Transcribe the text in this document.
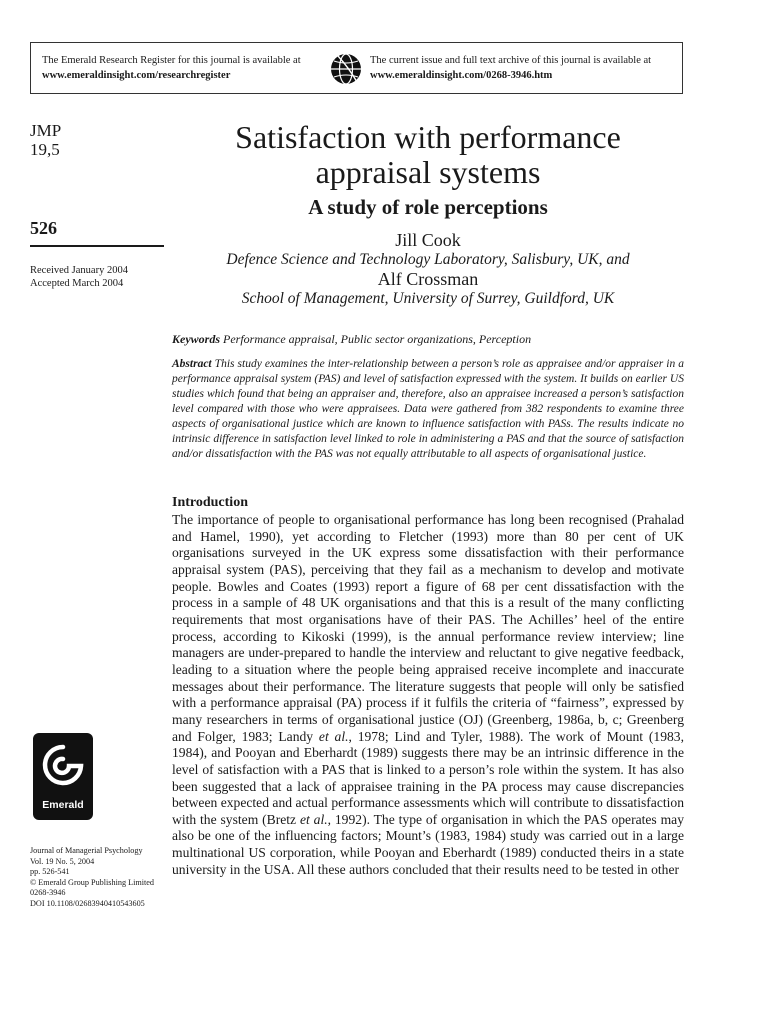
The Emerald Research Register for this journal is available at
www.emeraldinsight.com/researchregister
The current issue and full text archive of this journal is available at
www.emeraldinsight.com/0268-3946.htm
JMP
19,5
526
Received January 2004
Accepted March 2004
Satisfaction with performance
appraisal systems
A study of role perceptions
Jill Cook
Defence Science and Technology Laboratory, Salisbury, UK, and
Alf Crossman
School of Management, University of Surrey, Guildford, UK
Keywords Performance appraisal, Public sector organizations, Perception
Abstract This study examines the inter-relationship between a person’s role as appraisee and/or appraiser in a performance appraisal system (PAS) and level of satisfaction expressed with the system. It builds on earlier US studies which found that being an appraiser and, therefore, also an appraisee increased a person’s satisfaction level compared with those who were appraisees. Data were gathered from 382 respondents to examine three aspects of organisational justice which are known to influence satisfaction with PASs. The results indicate no intrinsic difference in satisfaction level linked to role in administering a PAS and that the source of satisfaction and/or dissatisfaction with the PAS was not equally attributable to all aspects of organisational justice.
Introduction
The importance of people to organisational performance has long been recognised (Prahalad and Hamel, 1990), yet according to Fletcher (1993) more than 80 per cent of UK organisations surveyed in the UK express some dissatisfaction with their performance appraisal system (PAS), perceiving that they fail as a mechanism to develop and motivate people. Bowles and Coates (1993) report a figure of 68 per cent dissatisfaction with the process in a sample of 48 UK organisations and that this is a result of the many conflicting requirements that most organisations have of their PAS. The Achilles’ heel of the entire process, according to Kikoski (1999), is the annual performance review interview; line managers are under-prepared to handle the interview and reluctant to give negative feedback, leading to a situation where the people being appraised receive incomplete and inaccurate messages about their performance. The literature suggests that people will only be satisfied with a performance appraisal (PA) process if it fulfils the criteria of “fairness”, expressed by many researchers in terms of organisational justice (OJ) (Greenberg, 1986a, b, c; Greenberg and Folger, 1983; Landy et al., 1978; Lind and Tyler, 1988). The work of Mount (1983, 1984), and Pooyan and Eberhardt (1989) suggests there may be an intrinsic difference in the level of satisfaction with a PAS that is linked to a person’s role within the system. It has also been suggested that a lack of appraisee training in the PA process may cause discrepancies between expected and actual performance assessments which will contribute to dissatisfaction with the system (Bretz et al., 1992). The type of organisation in which the PAS operates may also be one of the influencing factors; Mount’s (1983, 1984) study was carried out in a large multinational US corporation, while Pooyan and Eberhardt (1989) conducted theirs in a state university in the USA. All these authors concluded that their results need to be tested in other
Emerald
Journal of Managerial Psychology
Vol. 19 No. 5, 2004
pp. 526-541
© Emerald Group Publishing Limited
0268-3946
DOI 10.1108/02683940410543605
